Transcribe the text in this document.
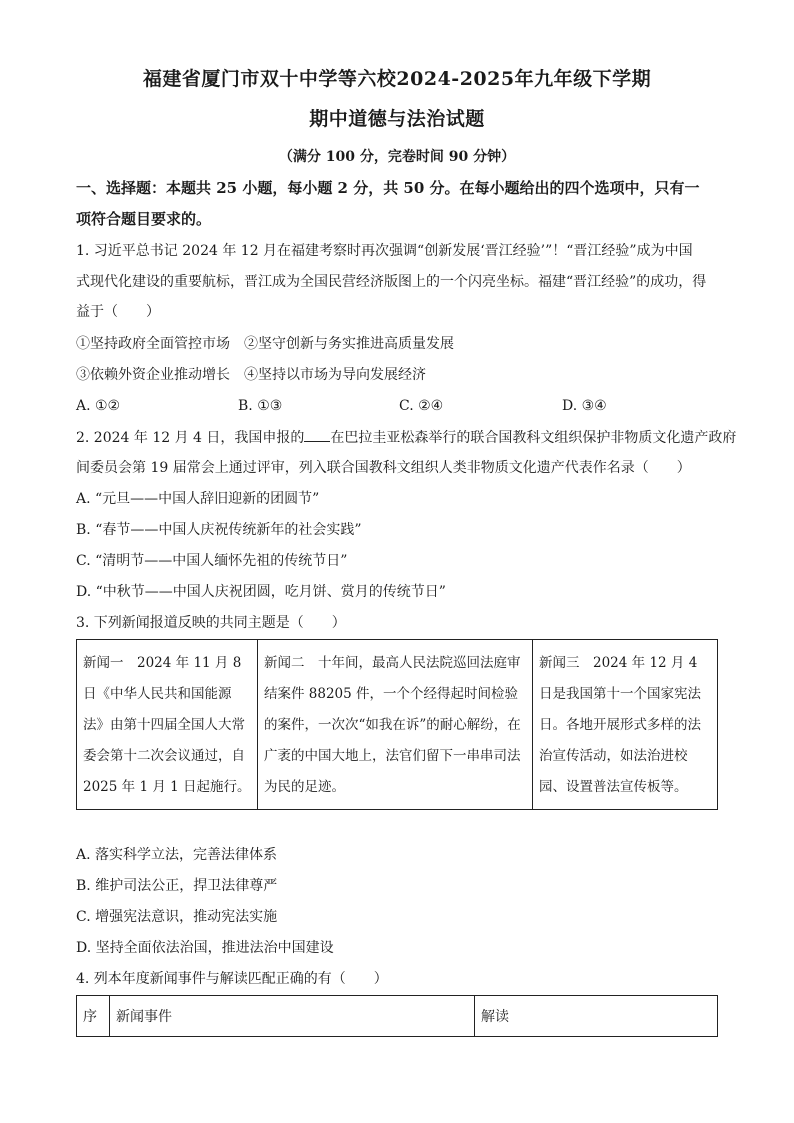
福建省厦门市双十中学等六校2024-2025年九年级下学期
期中道德与法治试题
（满分 100 分，完卷时间 90 分钟）
一、选择题：本题共 25 小题，每小题 2 分，共 50 分。在每小题给出的四个选项中，只有一
项符合题目要求的。
1. 习近平总书记 2024 年 12 月在福建考察时再次强调“创新发展‘晋江经验’”！“晋江经验”成为中国
式现代化建设的重要航标，晋江成为全国民营经济版图上的一个闪亮坐标。福建“晋江经验”的成功，得
益于（　　）
①坚持政府全面管控市场　②坚守创新与务实推进高质量发展
③依赖外资企业推动增长　④坚持以市场为导向发展经济
A. ①②	B. ①③	C. ②④	D. ③④
2. 2024 年 12 月 4 日，我国申报的 在巴拉圭亚松森举行的联合国教科文组织保护非物质文化遗产政府
间委员会第 19 届常会上通过评审，列入联合国教科文组织人类非物质文化遗产代表作名录（　　）
A. “元旦——中国人辞旧迎新的团圆节”
B. “春节——中国人庆祝传统新年的社会实践”
C. “清明节——中国人缅怀先祖的传统节日”
D. “中秋节——中国人庆祝团圆，吃月饼、赏月的传统节日”
3. 下列新闻报道反映的共同主题是（　　）
新闻一　2024 年 11 月 8 日《中华人民共和国能源法》由第十四届全国人大常委会第十二次会议通过，自 2025 年 1 月 1 日起施行。	新闻二　十年间，最高人民法院巡回法庭审结案件 88205 件，一个个经得起时间检验的案件，一次次“如我在诉”的耐心解纷，在广袤的中国大地上，法官们留下一串串司法为民的足迹。	新闻三　2024 年 12 月 4 日是我国第十一个国家宪法日。各地开展形式多样的法治宣传活动，如法治进校园、设置普法宣传板等。
A. 落实科学立法，完善法律体系
B. 维护司法公正，捍卫法律尊严
C. 增强宪法意识，推动宪法实施
D. 坚持全面依法治国，推进法治中国建设
4. 列本年度新闻事件与解读匹配正确的有（　　）
序	新闻事件	解读
